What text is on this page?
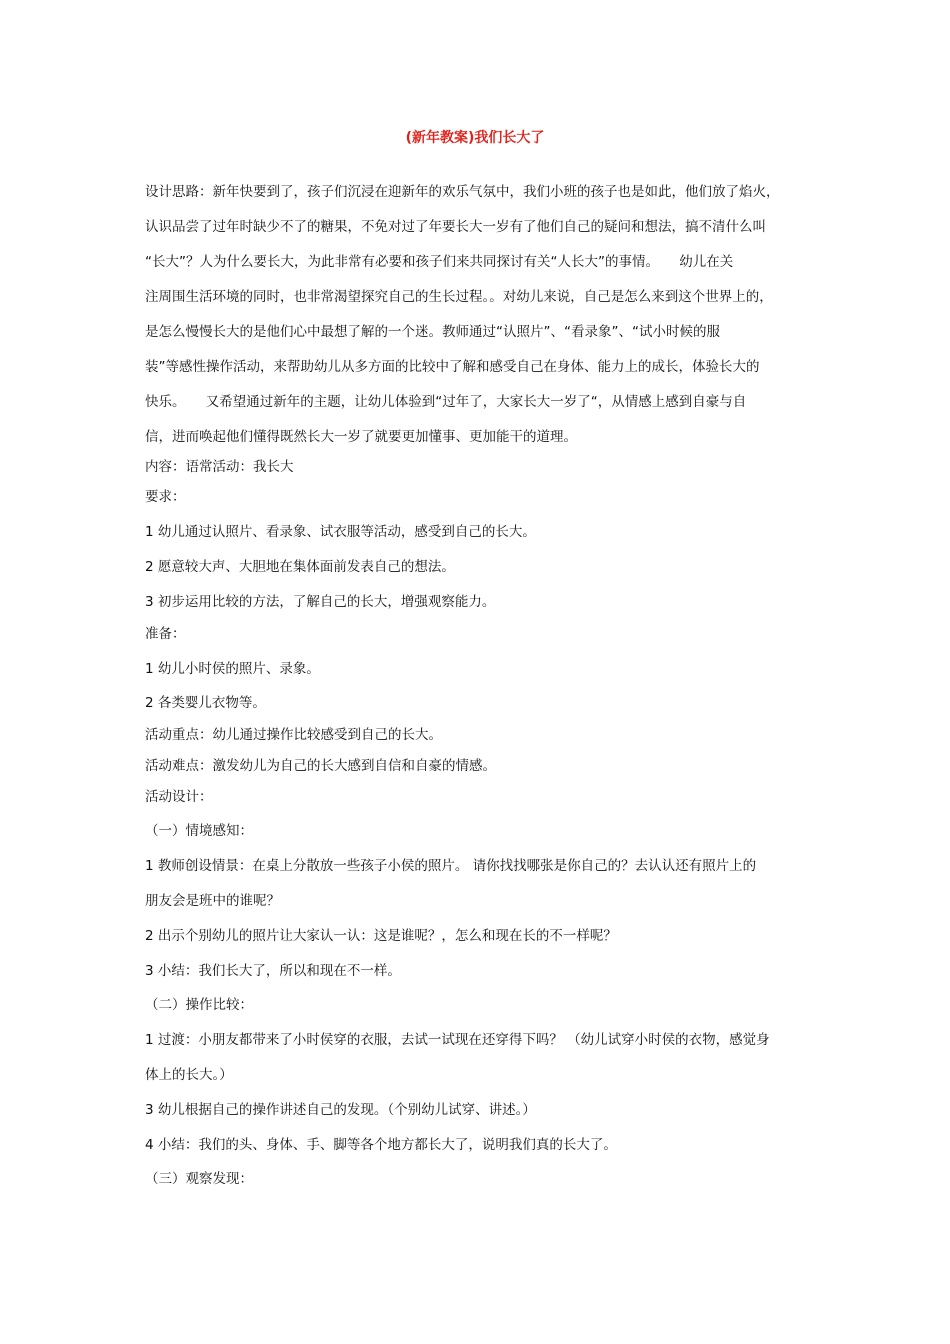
(新年教案)我们长大了
设计思路：新年快要到了，孩子们沉浸在迎新年的欢乐气氛中，我们小班的孩子也是如此，他们放了焰火，
认识品尝了过年时缺少不了的糖果，不免对过了年要长大一岁有了他们自己的疑问和想法，搞不清什么叫
“长大”？人为什么要长大，为此非常有必要和孩子们来共同探讨有关“人长大”的事情。　　幼儿在关
注周围生活环境的同时，也非常渴望探究自己的生长过程。。对幼儿来说，自己是怎么来到这个世界上的，
是怎么慢慢长大的是他们心中最想了解的一个迷。教师通过“认照片”、“看录象”、“试小时候的服
装”等感性操作活动，来帮助幼儿从多方面的比较中了解和感受自己在身体、能力上的成长，体验长大的
快乐。　　又希望通过新年的主题，让幼儿体验到“过年了，大家长大一岁了“，从情感上感到自豪与自
信，进而唤起他们懂得既然长大一岁了就要更加懂事、更加能干的道理。
内容：语常活动：我长大
要求：
1 幼儿通过认照片、看录象、试衣服等活动，感受到自己的长大。
2 愿意较大声、大胆地在集体面前发表自己的想法。
3 初步运用比较的方法，了解自己的长大，增强观察能力。
准备：
1 幼儿小时侯的照片、录象。
2 各类婴儿衣物等。
活动重点：幼儿通过操作比较感受到自己的长大。
活动难点：激发幼儿为自己的长大感到自信和自豪的情感。
活动设计：
（一）情境感知：
1 教师创设情景：在桌上分散放一些孩子小侯的照片。 请你找找哪张是你自己的？去认认还有照片上的
朋友会是班中的谁呢？
2 出示个别幼儿的照片让大家认一认：这是谁呢？，怎么和现在长的不一样呢？
3 小结：我们长大了，所以和现在不一样。
（二）操作比较：
1 过渡：小朋友都带来了小时侯穿的衣服，去试一试现在还穿得下吗？ （幼儿试穿小时侯的衣物，感觉身
体上的长大。）
3 幼儿根据自己的操作讲述自己的发现。（个别幼儿试穿、讲述。）
4 小结：我们的头、身体、手、脚等各个地方都长大了，说明我们真的长大了。
（三）观察发现：
